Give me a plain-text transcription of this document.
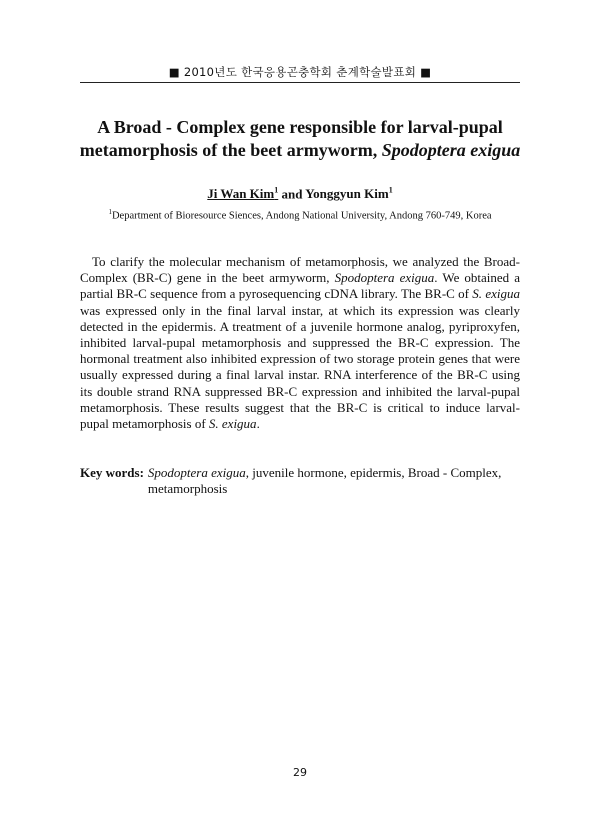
■ 2010년도 한국응용곤충학회 춘계학술발표회 ■
A Broad - Complex gene responsible for larval-pupal
metamorphosis of the beet armyworm, Spodoptera exigua
Ji Wan Kim$^1$ and Yonggyun Kim$^1$
$^1$Department of Bioresource Siences, Andong National University, Andong 760-749, Korea

To clarify the molecular mechanism of metamorphosis, we analyzed the Broad-Complex (BR-C) gene in the beet armyworm, Spodoptera exigua. We obtained a partial BR-C sequence from a pyrosequencing cDNA library. The BR-C of S. exigua was expressed only in the final larval instar, at which its expression was clearly detected in the epidermis. A treatment of a juvenile hormone analog, pyriproxyfen, inhibited larval-pupal metamorphosis and suppressed the BR-C expression. The hormonal treatment also inhibited expression of two storage protein genes that were usually expressed during a final larval instar. RNA interference of the BR-C using its double strand RNA suppressed BR-C expression and inhibited the larval-pupal metamorphosis. These results suggest that the BR-C is critical to induce larval-pupal metamorphosis of S. exigua.

Key words: Spodoptera exigua, juvenile hormone, epidermis, Broad - Complex, metamorphosis
29
